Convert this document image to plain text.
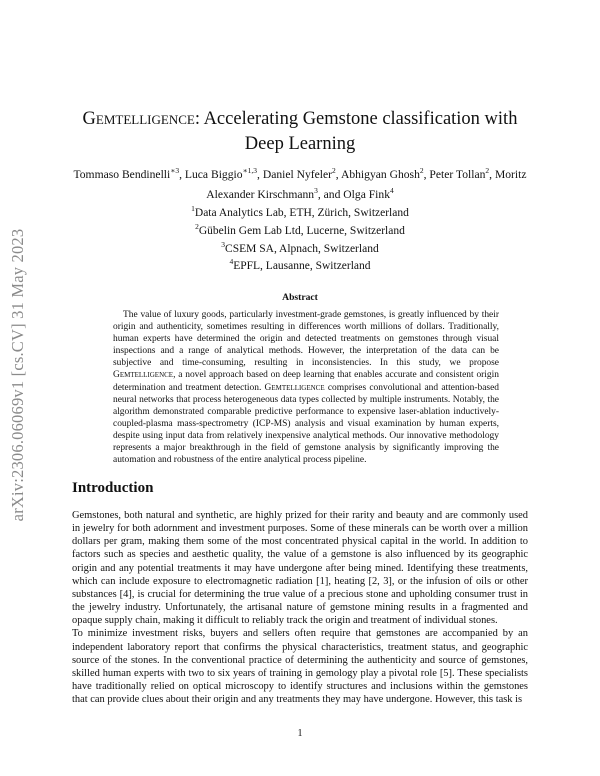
arXiv:2306.06069v1 [cs.CV] 31 May 2023
Gemtelligence: Accelerating Gemstone classification with Deep Learning
Tommaso Bendinelli$^{∗3}$, Luca Biggio$^{∗1,3}$, Daniel Nyfeler$^2$, Abhigyan Ghosh$^2$, Peter Tollan$^2$, Moritz Alexander Kirschmann$^3$, and Olga Fink$^4$
$^1$Data Analytics Lab, ETH, Zürich, Switzerland
$^2$Gübelin Gem Lab Ltd, Lucerne, Switzerland
$^3$CSEM SA, Alpnach, Switzerland
$^4$EPFL, Lausanne, Switzerland
Abstract
The value of luxury goods, particularly investment-grade gemstones, is greatly influenced by their origin and authenticity, sometimes resulting in differences worth millions of dollars. Traditionally, human experts have determined the origin and detected treatments on gemstones through visual inspections and a range of analytical methods. However, the interpretation of the data can be subjective and time-consuming, resulting in inconsistencies. In this study, we propose Gemtelligence, a novel approach based on deep learning that enables accurate and consistent origin determination and treatment detection. Gemtelligence comprises convolutional and attention-based neural networks that process heterogeneous data types collected by multiple instruments. Notably, the algorithm demonstrated comparable predictive performance to expensive laser-ablation inductively-coupled-plasma mass-spectrometry (ICP-MS) analysis and visual examination by human experts, despite using input data from relatively inexpensive analytical methods. Our innovative methodology represents a major breakthrough in the field of gemstone analysis by significantly improving the automation and robustness of the entire analytical process pipeline.
Introduction

Gemstones, both natural and synthetic, are highly prized for their rarity and beauty and are commonly used in jewelry for both adornment and investment purposes. Some of these minerals can be worth over a million dollars per gram, making them some of the most concentrated physical capital in the world. In addition to factors such as species and aesthetic quality, the value of a gemstone is also influenced by its geographic origin and any potential treatments it may have undergone after being mined. Identifying these treatments, which can include exposure to electromagnetic radiation [1], heating [2, 3], or the infusion of oils or other substances [4], is crucial for determining the true value of a precious stone and upholding consumer trust in the jewelry industry. Unfortunately, the artisanal nature of gemstone mining results in a fragmented and opaque supply chain, making it difficult to reliably track the origin and treatment of individual stones.

To minimize investment risks, buyers and sellers often require that gemstones are accompanied by an independent laboratory report that confirms the physical characteristics, treatment status, and geographic source of the stones. In the conventional practice of determining the authenticity and source of gemstones, skilled human experts with two to six years of training in gemology play a pivotal role [5]. These specialists have traditionally relied on optical microscopy to identify structures and inclusions within the gemstones that can provide clues about their origin and any treatments they may have undergone. However, this task is

1
